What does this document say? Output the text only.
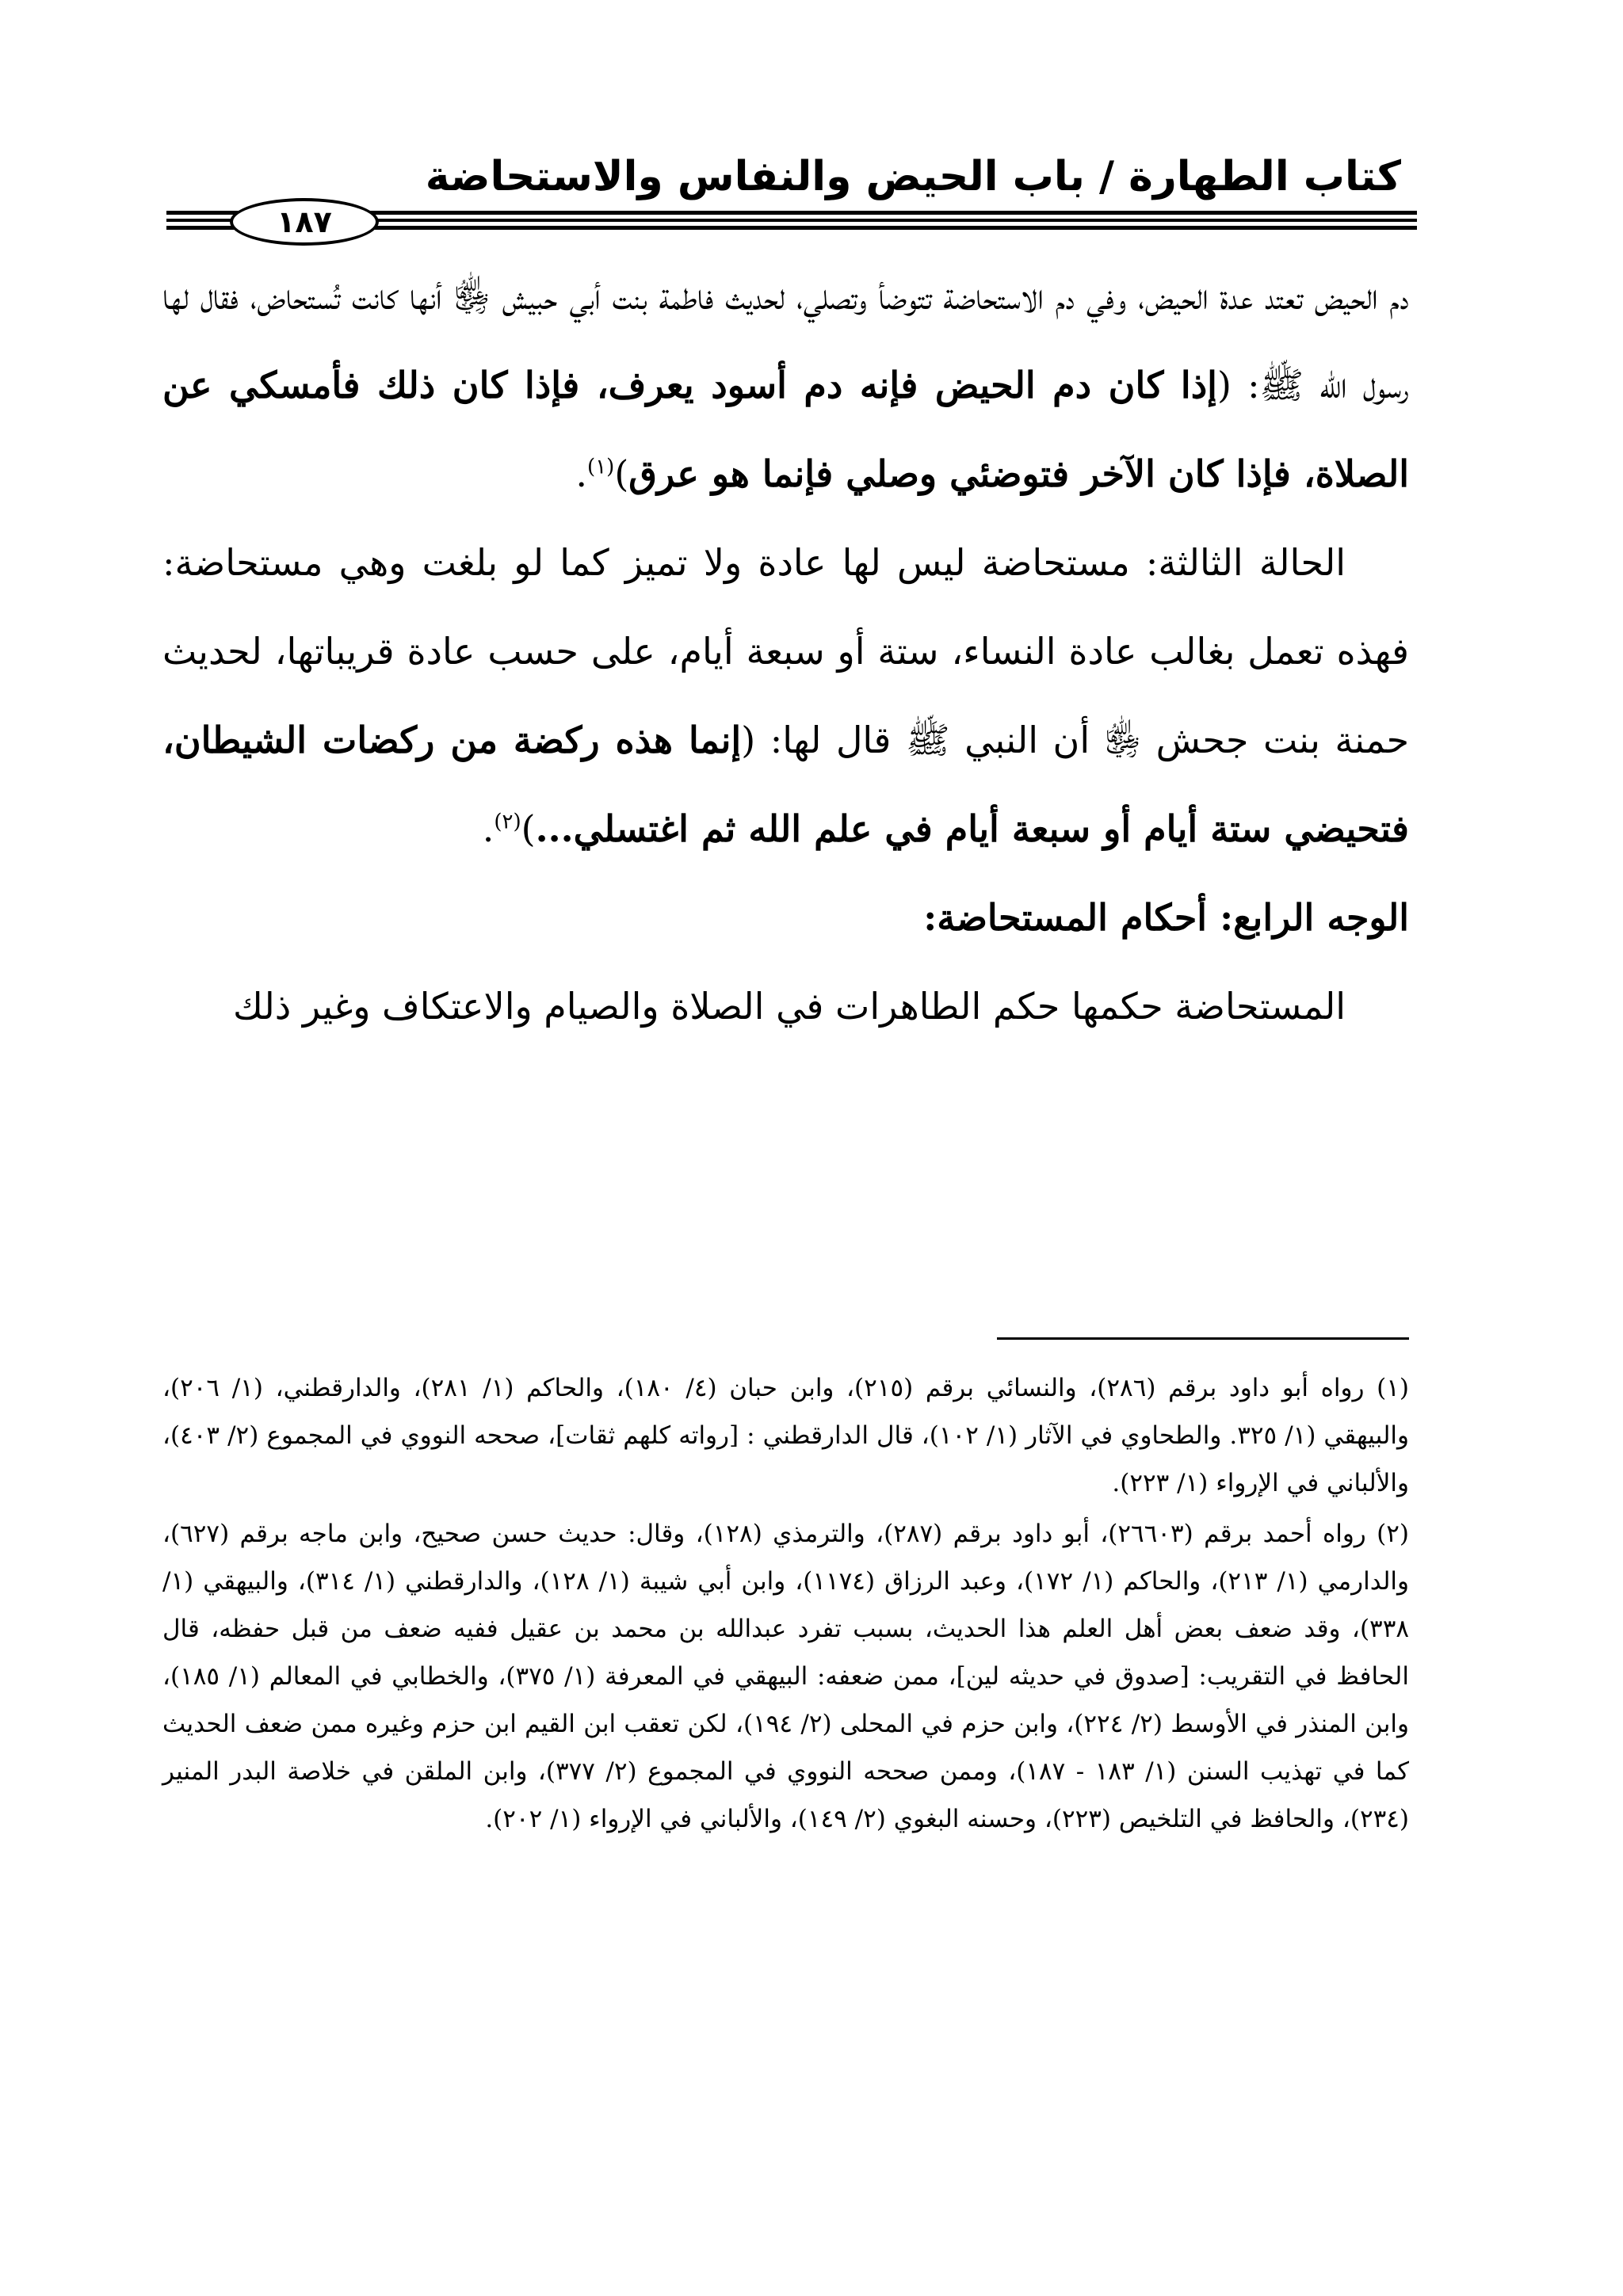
كتاب الطهارة / باب الحيض والنفاس والاستحاضة
١٨٧

دم الحيض تعتد عدة الحيض، وفي دم الاستحاضة تتوضأ وتصلي، لحديث فاطمة بنت أبي حبيش ﵂ أنها كانت تُستحاض، فقال لها رسول الله ﷺ: (إذا كان دم الحيض فإنه دم أسود يعرف، فإذا كان ذلك فأمسكي عن الصلاة، فإذا كان الآخر فتوضئي وصلي فإنما هو عرق)$^{(١)}$.

الحالة الثالثة: مستحاضة ليس لها عادة ولا تميز كما لو بلغت وهي مستحاضة: فهذه تعمل بغالب عادة النساء، ستة أو سبعة أيام، على حسب عادة قريباتها، لحديث حمنة بنت جحش ﵂ أن النبي ﷺ قال لها: (إنما هذه ركضة من ركضات الشيطان، فتحيضي ستة أيام أو سبعة أيام في علم الله ثم اغتسلي...)$^{(٢)}$.

الوجه الرابع: أحكام المستحاضة:

المستحاضة حكمها حكم الطاهرات في الصلاة والصيام والاعتكاف وغير ذلك

(١) رواه أبو داود برقم (٢٨٦)، والنسائي برقم (٢١٥)، وابن حبان (٤/ ١٨٠)، والحاكم (١/ ٢٨١)، والدارقطني، (١/ ٢٠٦)، والبيهقي (١/ ٣٢٥. والطحاوي في الآثار (١/ ١٠٢)، قال الدارقطني : [رواته كلهم ثقات]، صححه النووي في المجموع (٢/ ٤٠٣)، والألباني في الإرواء (١/ ٢٢٣).

(٢) رواه أحمد برقم (٢٦٦٠٣)، أبو داود برقم (٢٨٧)، والترمذي (١٢٨)، وقال: حديث حسن صحيح، وابن ماجه برقم (٦٢٧)، والدارمي (١/ ٢١٣)، والحاكم (١/ ١٧٢)، وعبد الرزاق (١١٧٤)، وابن أبي شيبة (١/ ١٢٨)، والدارقطني (١/ ٣١٤)، والبيهقي (١/ ٣٣٨)، وقد ضعف بعض أهل العلم هذا الحديث، بسبب تفرد عبدالله بن محمد بن عقيل ففيه ضعف من قبل حفظه، قال الحافظ في التقريب: [صدوق في حديثه لين]، ممن ضعفه: البيهقي في المعرفة (١/ ٣٧٥)، والخطابي في المعالم (١/ ١٨٥)، وابن المنذر في الأوسط (٢/ ٢٢٤)، وابن حزم في المحلى (٢/ ١٩٤)، لكن تعقب ابن القيم ابن حزم وغيره ممن ضعف الحديث كما في تهذيب السنن (١/ ١٨٣ - ١٨٧)، وممن صححه النووي في المجموع (٢/ ٣٧٧)، وابن الملقن في خلاصة البدر المنير (٢٣٤)، والحافظ في التلخيص (٢٢٣)، وحسنه البغوي (٢/ ١٤٩)، والألباني في الإرواء (١/ ٢٠٢).
